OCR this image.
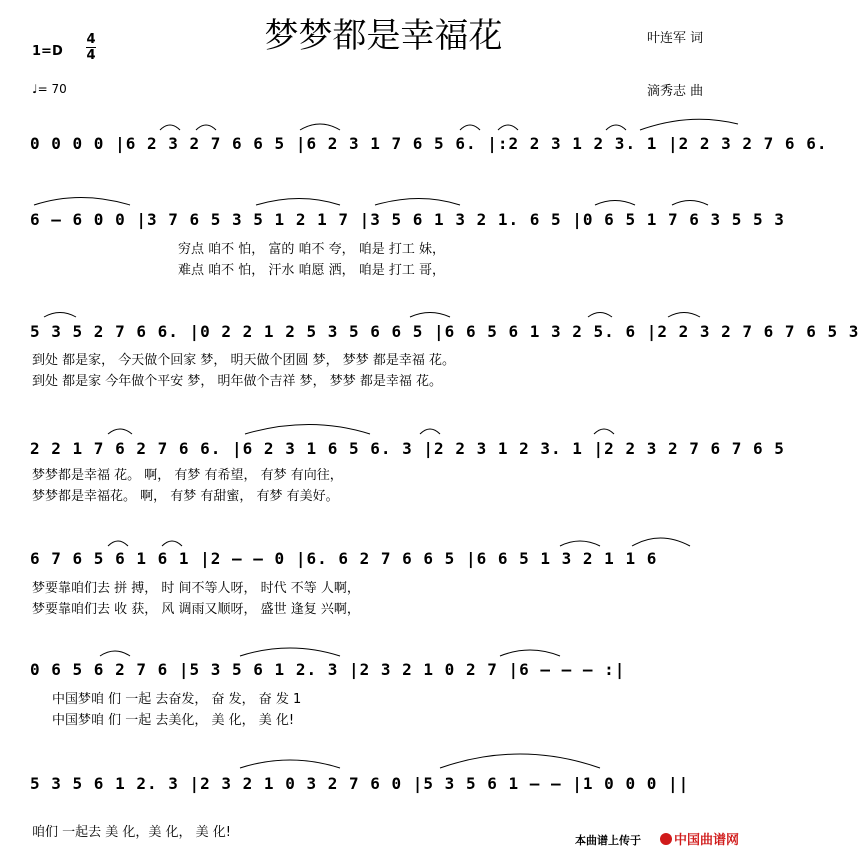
梦梦都是幸福花
1=D
4
4
♩= 70
叶连军 词
滴秀志 曲
0 0 0 0 |6 2 3 2 7 6 6 5 |6 2 3 1 7 6 5 6. |:2 2 3 1 2 3. 1 |2 2 3 2 7 6 6.
6 – 6 0 0 |3 7 6 5 3 5 1 2 1 7 |3 5 6 1 3 2 1. 6 5 |0 6 5 1 7 6 3 5 5 3
穷点 咱不 怕， 富的 咱不 夸， 咱是 打工 妹，
难点 咱不 怕， 汗水 咱愿 洒， 咱是 打工 哥，
5 3 5 2 7 6 6. |0 2 2 1 2 5 3 5 6 6 5 |6 6 5 6 1 3 2 5. 6 |2 2 3 2 7 6 7 6 5 3
到处 都是家， 今天做个回家 梦， 明天做个团圆 梦， 梦梦 都是幸福 花。
到处 都是家 今年做个平安 梦， 明年做个吉祥 梦， 梦梦 都是幸福 花。
2 2 1 7 6 2 7 6 6. |6 2 3 1 6 5 6. 3 |2 2 3 1 2 3. 1 |2 2 3 2 7 6 7 6 5
梦梦都是幸福 花。 啊， 有梦 有希望， 有梦 有向往，
梦梦都是幸福花。 啊， 有梦 有甜蜜， 有梦 有美好。
6 7 6 5 6 1 6 1 |2 – – 0 |6. 6 2 7 6 6 5 |6 6 5 1 3 2 1 1 6
梦要靠咱们去 拼 搏， 时 间不等人呀， 时代 不等 人啊，
梦要靠咱们去 收 获， 风 调雨又顺呀， 盛世 逢复 兴啊，
0 6 5 6 2 7 6 |5 3 5 6 1 2. 3 |2 3 2 1 0 2 7 |6 – – – :|
中国梦咱 们 一起 去奋发， 奋 发， 奋 发 1
中国梦咱 们 一起 去美化， 美 化， 美 化!
5 3 5 6 1 2. 3 |2 3 2 1 0 3 2 7 6 0 |5 3 5 6 1 – – |1 0 0 0 ||
咱们 一起去 美 化，美 化， 美 化!
本曲谱上传于	中国曲谱网
